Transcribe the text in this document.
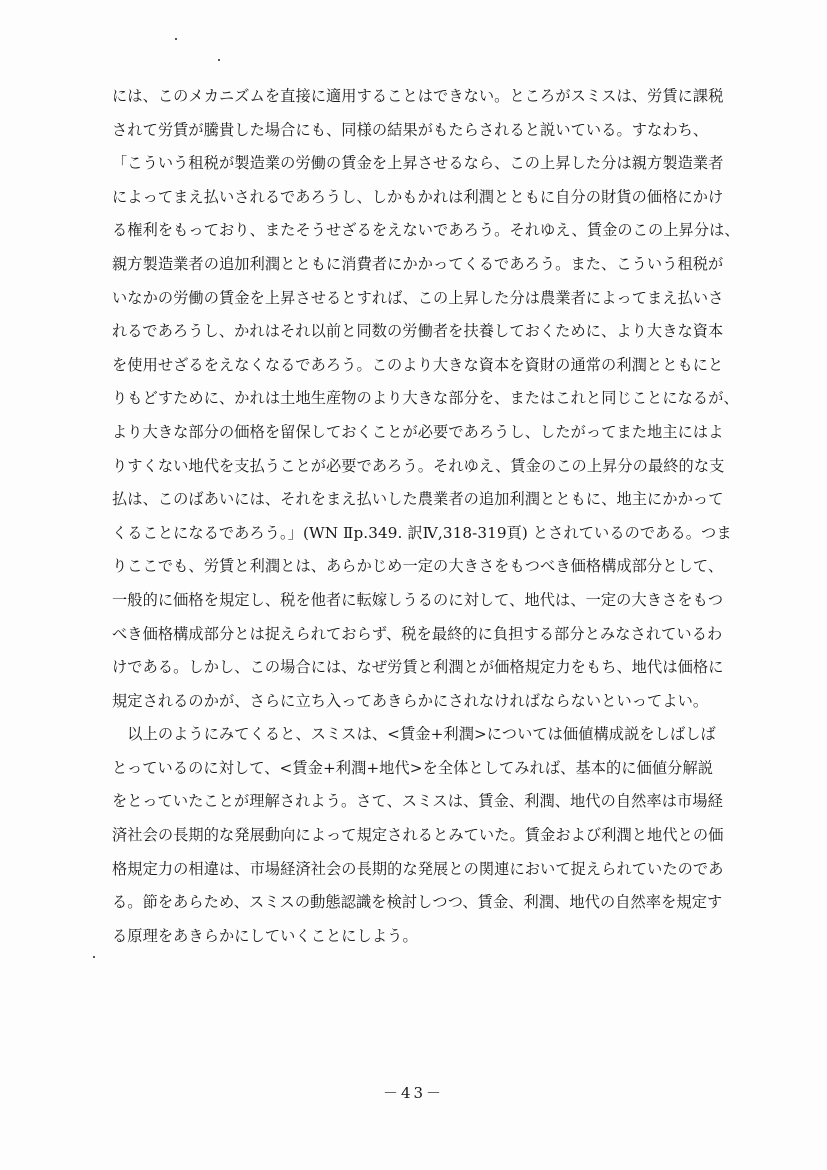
には、このメカニズムを直接に適用することはできない。ところがスミスは、労賃に課税
されて労賃が騰貴した場合にも、同様の結果がもたらされると説いている。すなわち、
「こういう租税が製造業の労働の賃金を上昇させるなら、この上昇した分は親方製造業者
によってまえ払いされるであろうし、しかもかれは利潤とともに自分の財貨の価格にかけ
る権利をもっており、またそうせざるをえないであろう。それゆえ、賃金のこの上昇分は、
親方製造業者の追加利潤とともに消費者にかかってくるであろう。また、こういう租税が
いなかの労働の賃金を上昇させるとすれば、この上昇した分は農業者によってまえ払いさ
れるであろうし、かれはそれ以前と同数の労働者を扶養しておくために、より大きな資本
を使用せざるをえなくなるであろう。このより大きな資本を資財の通常の利潤とともにと
りもどすために、かれは土地生産物のより大きな部分を、またはこれと同じことになるが、
より大きな部分の価格を留保しておくことが必要であろうし、したがってまた地主にはよ
りすくない地代を支払うことが必要であろう。それゆえ、賃金のこの上昇分の最終的な支
払は、このばあいには、それをまえ払いした農業者の追加利潤とともに、地主にかかって
くることになるであろう。」(WN Ⅱp.349. 訳Ⅳ,318-319頁) とされているのである。つま
りここでも、労賃と利潤とは、あらかじめ一定の大きさをもつべき価格構成部分として、
一般的に価格を規定し、税を他者に転嫁しうるのに対して、地代は、一定の大きさをもつ
べき価格構成部分とは捉えられておらず、税を最終的に負担する部分とみなされているわ
けである。しかし、この場合には、なぜ労賃と利潤とが価格規定力をもち、地代は価格に
規定されるのかが、さらに立ち入ってあきらかにされなければならないといってよい。
　以上のようにみてくると、スミスは、<賃金+利潤>については価値構成説をしばしば
とっているのに対して、<賃金+利潤+地代>を全体としてみれば、基本的に価値分解説
をとっていたことが理解されよう。さて、スミスは、賃金、利潤、地代の自然率は市場経
済社会の長期的な発展動向によって規定されるとみていた。賃金および利潤と地代との価
格規定力の相違は、市場経済社会の長期的な発展との関連において捉えられていたのであ
る。節をあらため、スミスの動態認識を検討しつつ、賃金、利潤、地代の自然率を規定す
る原理をあきらかにしていくことにしよう。

－43－
